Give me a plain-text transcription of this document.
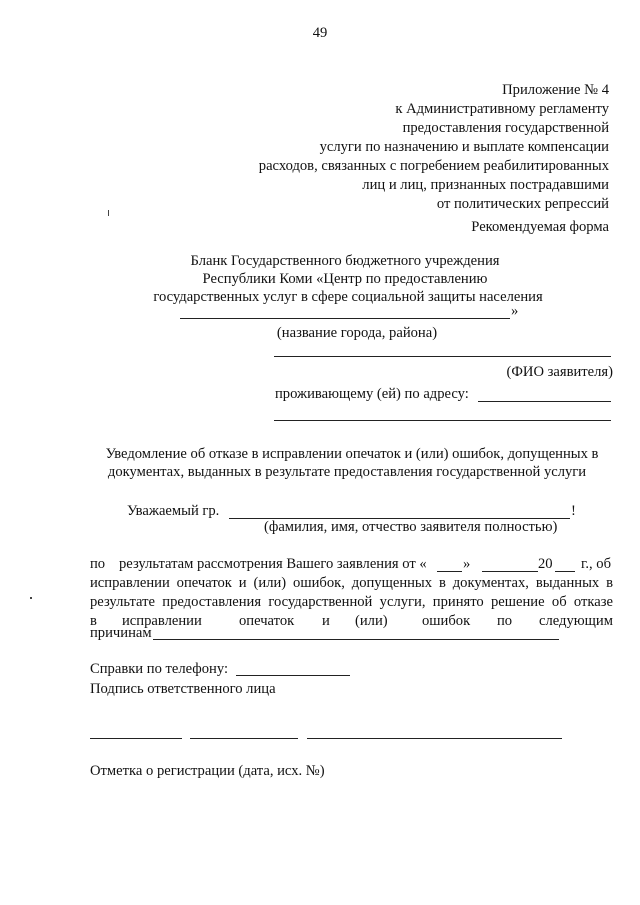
49
Приложение № 4
к Административному регламенту
предоставления государственной
услуги по назначению и выплате компенсации
расходов, связанных с погребением реабилитированных
лиц и лиц, признанных пострадавшими
от политических репрессий
Рекомендуемая форма
Бланк Государственного бюджетного учреждения
Республики Коми «Центр по предоставлению
государственных услуг в сфере социальной защиты населения
»
(название города, района)
(ФИО заявителя)
проживающему (ей) по адресу:
Уведомление об отказе в исправлении опечаток и (или) ошибок, допущенных в
документах, выданных в результате предоставления государственной услуги
Уважаемый гр.	!
(фамилия, имя, отчество заявителя полностью)
по результатам рассмотрения Вашего заявления от « »	20 г., об
исправлении опечаток и (или) ошибок, допущенных в документах, выданных в
результате предоставления государственной услуги, принято решение об отказе
в исправлении	опечаток и (или) ошибок по следующим
причинам
Справки по телефону:
Подпись ответственного лица
Отметка о регистрации (дата, исх. №)
